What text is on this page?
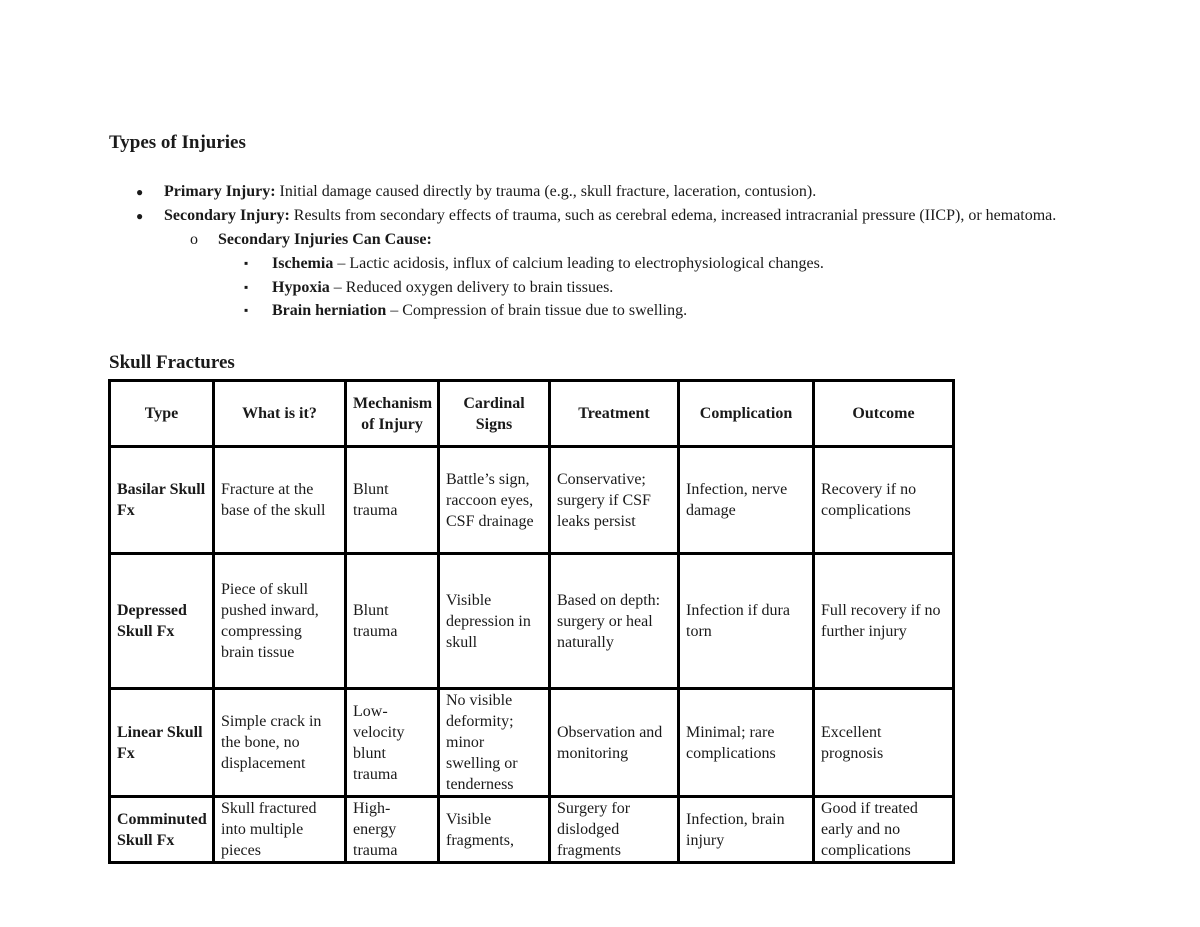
Types of Injuries
● Primary Injury: Initial damage caused directly by trauma (e.g., skull fracture, laceration, contusion).
● Secondary Injury: Results from secondary effects of trauma, such as cerebral edema, increased intracranial pressure (IICP), or hematoma.
o Secondary Injuries Can Cause:
▪ Ischemia – Lactic acidosis, influx of calcium leading to electrophysiological changes.
▪ Hypoxia – Reduced oxygen delivery to brain tissues.
▪ Brain herniation – Compression of brain tissue due to swelling.
Skull Fractures
Type	What is it?	Mechanism of Injury	Cardinal Signs	Treatment	Complication	Outcome
Basilar Skull Fx	Fracture at the base of the skull	Blunt trauma	Battle’s sign, raccoon eyes, CSF drainage	Conservative; surgery if CSF leaks persist	Infection, nerve damage	Recovery if no complications
Depressed Skull Fx	Piece of skull pushed inward, compressing brain tissue	Blunt trauma	Visible depression in skull	Based on depth: surgery or heal naturally	Infection if dura torn	Full recovery if no further injury
Linear Skull Fx	Simple crack in the bone, no displacement	Low-velocity blunt trauma	No visible deformity; minor swelling or tenderness	Observation and monitoring	Minimal; rare complications	Excellent prognosis
Comminuted Skull Fx	Skull fractured into multiple pieces	High-energy trauma	Visible fragments,	Surgery for dislodged fragments	Infection, brain injury	Good if treated early and no complications
